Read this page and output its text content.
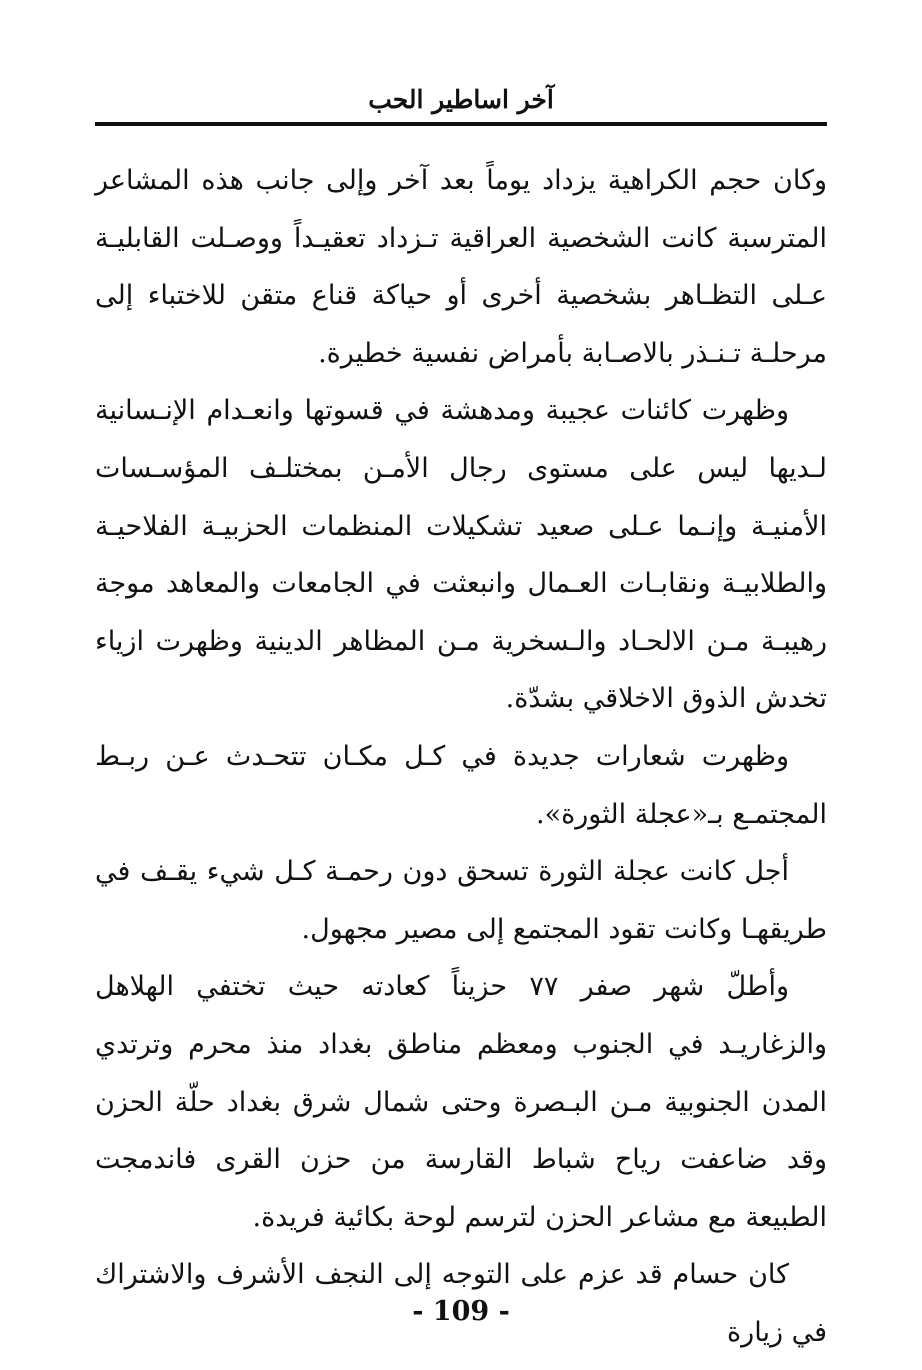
آخر اساطير الحب

وكان حجم الكراهية يزداد يوماً بعد آخر وإلى جانب هذه المشاعر المترسبة كانت الشخصية العراقية تـزداد تعقيـداً ووصـلت القابليـة عـلى التظـاهر بشخصية أخرى أو حياكة قناع متقن للاختباء إلى مرحلـة تـنـذر بالاصـابة بأمراض نفسية خطيرة.

وظهرت كائنات عجيبة ومدهشة في قسوتها وانعـدام الإنـسانية لـديها ليس على مستوى رجال الأمـن بمختلـف المؤسـسات الأمنيـة وإنـما عـلى صعيد تشكيلات المنظمات الحزبيـة الفلاحيـة والطلابيـة ونقابـات العـمال وانبعثت في الجامعات والمعاهد موجة رهيبـة مـن الالحـاد والـسخرية مـن المظاهر الدينية وظهرت ازياء تخدش الذوق الاخلاقي بشدّة.

وظهرت شعارات جديدة في كـل مكـان تتحـدث عـن ربـط المجتمـع بـ«عجلة الثورة».

أجل كانت عجلة الثورة تسحق دون رحمـة كـل شيء يقـف في طريقهـا وكانت تقود المجتمع إلى مصير مجهول.

وأطلّ شهر صفر ٧٧ حزيناً كعادته حيث تختفي الهلاهل والزغاريـد في الجنوب ومعظم مناطق بغداد منذ محرم وترتدي المدن الجنوبية مـن البـصرة وحتى شمال شرق بغداد حلّة الحزن وقد ضاعفت رياح شباط القارسة من حزن القرى فاندمجت الطبيعة مع مشاعر الحزن لترسم لوحة بكائية فريدة.

كان حسام قد عزم على التوجه إلى النجف الأشرف والاشتراك في زيارة

- 109 -
